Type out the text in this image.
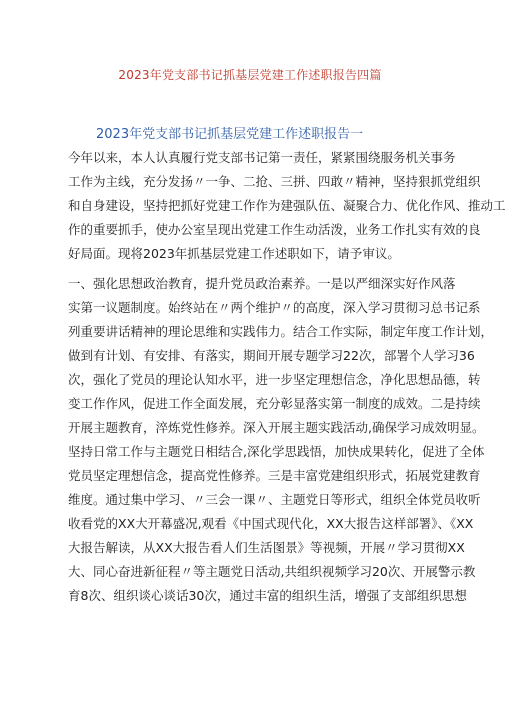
2023年党支部书记抓基层党建工作述职报告四篇
2023年党支部书记抓基层党建工作述职报告一
今年以来，本人认真履行党支部书记第一责任，紧紧围绕服务机关事务
工作为主线，充分发扬〃一争、二抢、三拼、四敢〃精神，坚持狠抓党组织
和自身建设，坚持把抓好党建工作作为建强队伍、凝聚合力、优化作风、推动工
作的重要抓手，使办公室呈现出党建工作生动活泼，业务工作扎实有效的良
好局面。现将2023年抓基层党建工作述职如下，请予审议。
一、强化思想政治教育，提升党员政治素养。一是以严细深实好作风落
实第一议题制度。始终站在〃两个维护〃的高度，深入学习贯彻习总书记系
列重要讲话精神的理论思维和实践伟力。结合工作实际，制定年度工作计划，
做到有计划、有安排、有落实，期间开展专题学习22次，部署个人学习36
次，强化了党员的理论认知水平，进一步坚定理想信念，净化思想品德，转
变工作作风，促进工作全面发展，充分彰显落实第一制度的成效。二是持续
开展主题教育，淬炼党性修养。深入开展主题实践活动,确保学习成效明显。
坚持日常工作与主题党日相结合,深化学思践悟，加快成果转化，促进了全体
党员坚定理想信念，提高党性修养。三是丰富党建组织形式，拓展党建教育
维度。通过集中学习、〃三会一课〃、主题党日等形式，组织全体党员收听
收看党的XX大开幕盛况,观看《中国式现代化，XX大报告这样部署》、《XX
大报告解读，从XX大报告看人们生活图景》等视频，开展〃学习贯彻XX
大、同心奋进新征程〃等主题党日活动,共组织视频学习20次、开展警示教
育8次、组织谈心谈话30次，通过丰富的组织生活，增强了支部组织思想
